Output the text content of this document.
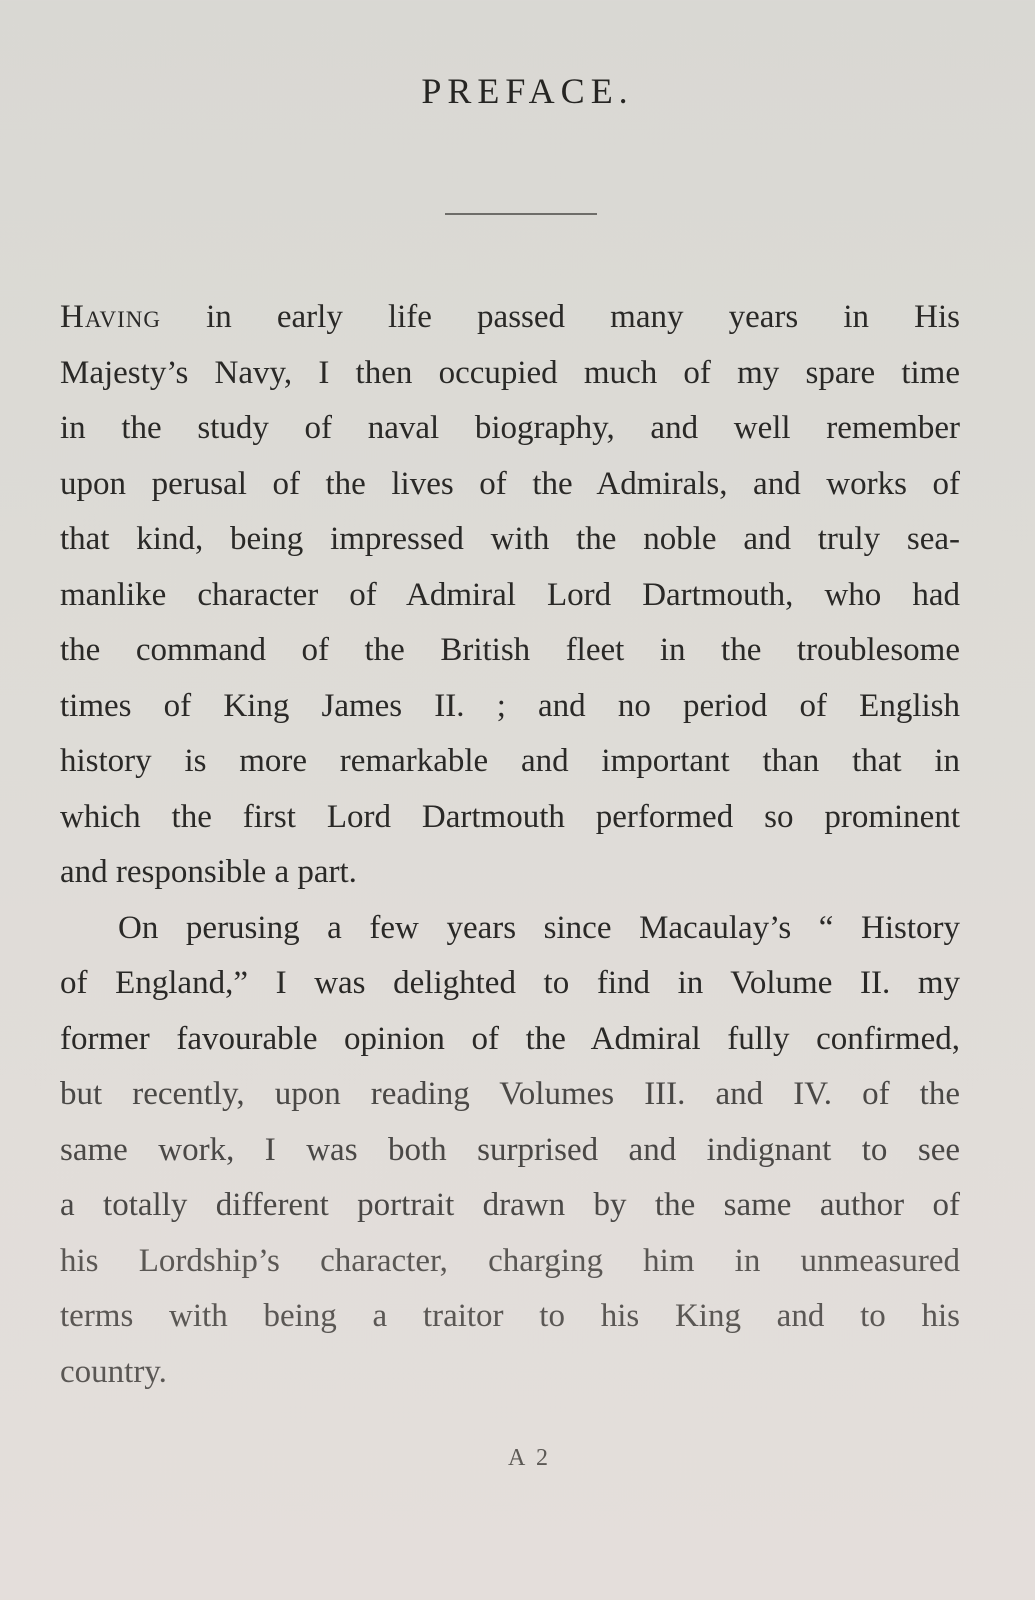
PREFACE.
Having in early life passed many years in His
Majesty’s Navy, I then occupied much of my spare time
in the study of naval biography, and well remember
upon perusal of the lives of the Admirals, and works of
that kind, being impressed with the noble and truly sea-
manlike character of Admiral Lord Dartmouth, who had
the command of the British fleet in the troublesome
times of King James II. ; and no period of English
history is more remarkable and important than that in
which the first Lord Dartmouth performed so prominent
and responsible a part.
On perusing a few years since Macaulay’s “ History
of England,” I was delighted to find in Volume II. my
former favourable opinion of the Admiral fully confirmed,
but recently, upon reading Volumes III. and IV. of the
same work, I was both surprised and indignant to see
a totally different portrait drawn by the same author of
his Lordship’s character, charging him in unmeasured
terms with being a traitor to his King and to his
country.
A 2
